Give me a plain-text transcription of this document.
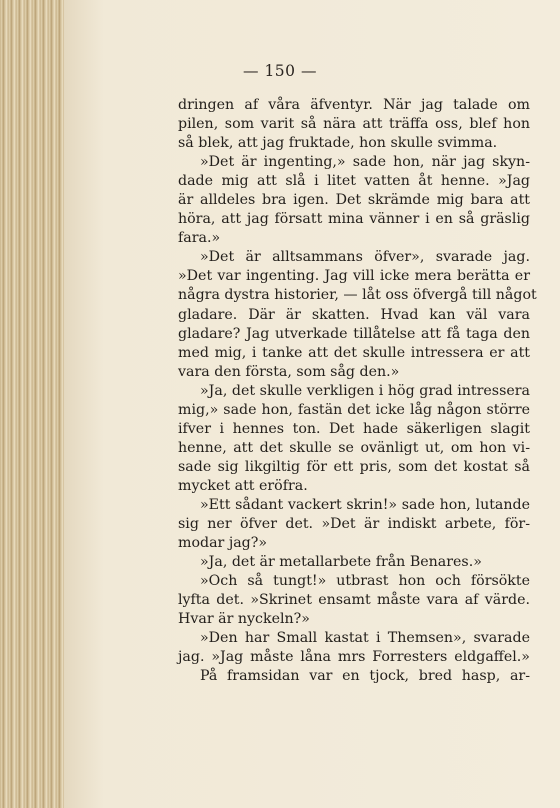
— 150 —
dringen af våra äfventyr. När jag talade om
pilen, som varit så nära att träffa oss, blef hon
så blek, att jag fruktade, hon skulle svimma.
»Det är ingenting,» sade hon, när jag skyn-
dade mig att slå i litet vatten åt henne. »Jag
är alldeles bra igen. Det skrämde mig bara att
höra, att jag försatt mina vänner i en så gräslig
fara.»
»Det är alltsammans öfver», svarade jag.
»Det var ingenting. Jag vill icke mera berätta er
några dystra historier, — låt oss öfvergå till något
gladare. Där är skatten. Hvad kan väl vara
gladare? Jag utverkade tillåtelse att få taga den
med mig, i tanke att det skulle intressera er att
vara den första, som såg den.»
»Ja, det skulle verkligen i hög grad intressera
mig,» sade hon, fastän det icke låg någon större
ifver i hennes ton. Det hade säkerligen slagit
henne, att det skulle se ovänligt ut, om hon vi-
sade sig likgiltig för ett pris, som det kostat så
mycket att eröfra.
»Ett sådant vackert skrin!» sade hon, lutande
sig ner öfver det. »Det är indiskt arbete, för-
modar jag?»
»Ja, det är metallarbete från Benares.»
»Och så tungt!» utbrast hon och försökte
lyfta det. »Skrinet ensamt måste vara af värde.
Hvar är nyckeln?»
»Den har Small kastat i Themsen», svarade
jag. »Jag måste låna mrs Forresters eldgaffel.»
På framsidan var en tjock, bred hasp, ar-
